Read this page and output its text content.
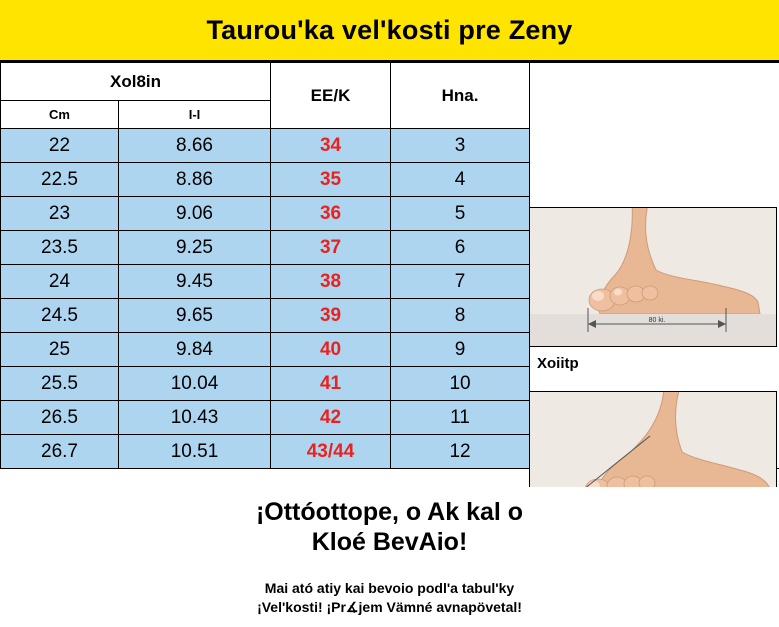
Taurou'ka vel'kosti pre Zeny
Xol8in		EE/K	Hna.	

Cm	I-I			
22	8.66	34	3	
22.5	8.86	35	4	
23	9.06	36	5	
23.5	9.25	37	6	
24	9.45	38	7	
24.5	9.65	39	8	
25	9.84	40	9	
25.5	10.04	41	10	
26.5	10.43	42	11	
26.7	10.51	43/44	12	
80 ki.
Xoiitp
¡Ottóottope, o Ak kal o
Kloé BevAio!
Mai ató atiy kai bevoio podl'a tabul'ky
¡Vel'kosti! ¡Pr∡jem Vämné avnapövetal!
